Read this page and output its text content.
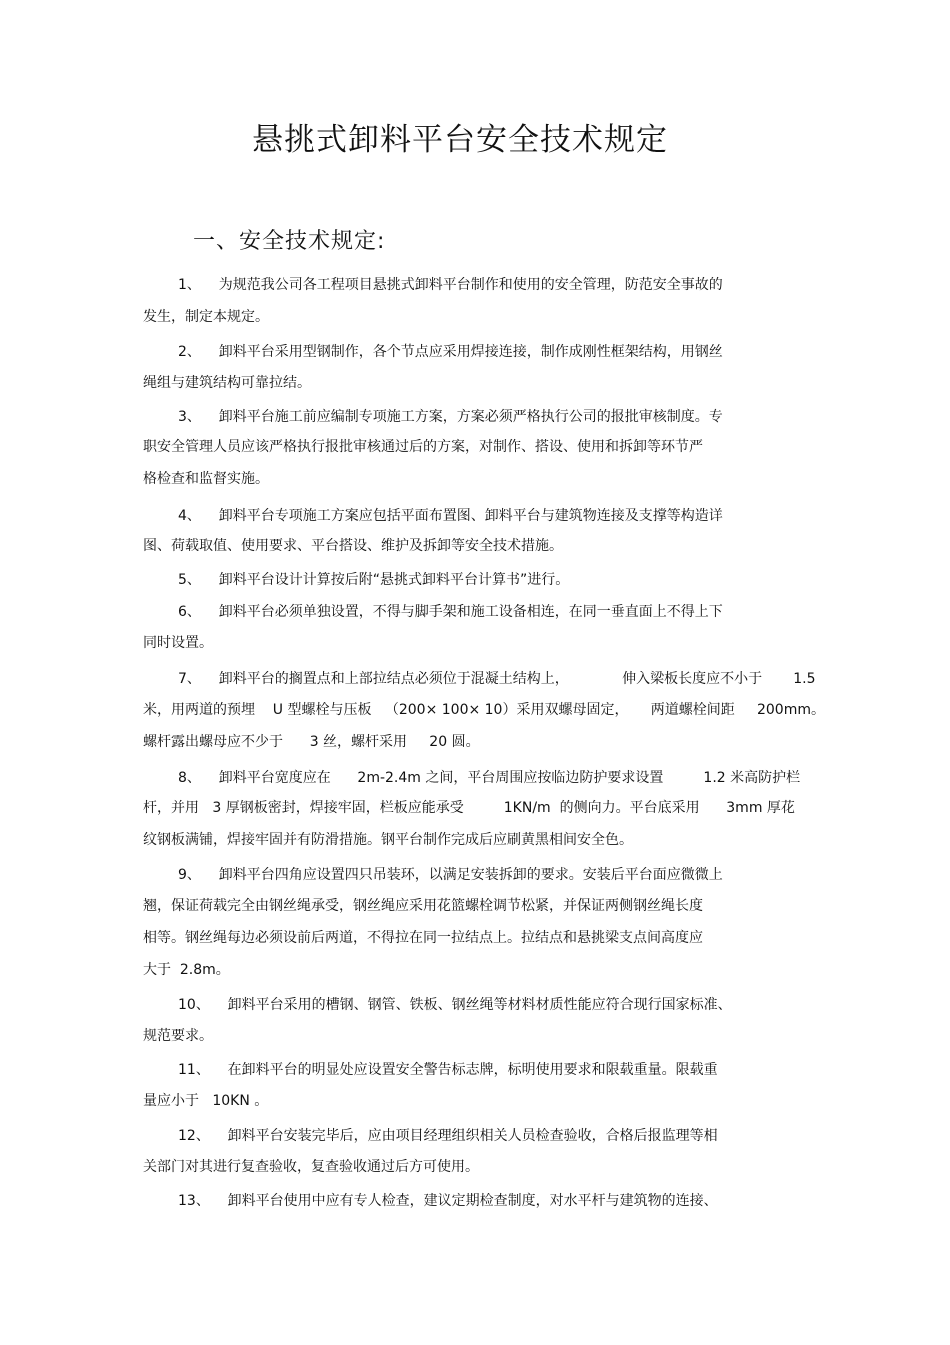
悬挑式卸料平台安全技术规定
一、安全技术规定:
1、    为规范我公司各工程项目悬挑式卸料平台制作和使用的安全管理，防范安全事故的
发生，制定本规定。
2、    卸料平台采用型钢制作，各个节点应采用焊接连接，制作成刚性框架结构，用钢丝
绳组与建筑结构可靠拉结。
3、    卸料平台施工前应编制专项施工方案，方案必须严格执行公司的报批审核制度。专
职安全管理人员应该严格执行报批审核通过后的方案，对制作、搭设、使用和拆卸等环节严
格检查和监督实施。
4、    卸料平台专项施工方案应包括平面布置图、卸料平台与建筑物连接及支撑等构造详
图、荷载取值、使用要求、平台搭设、维护及拆卸等安全技术措施。
5、    卸料平台设计计算按后附“悬挑式卸料平台计算书”进行。
6、    卸料平台必须单独设置，不得与脚手架和施工设备相连，在同一垂直面上不得上下
同时设置。
7、    卸料平台的搁置点和上部拉结点必须位于混凝土结构上，            伸入梁板长度应不小于       1.5
米，用两道的预埋    U 型螺栓与压板   （200× 100× 10）采用双螺母固定，     两道螺栓间距     200mm。
螺杆露出螺母应不少于      3 丝，螺杆采用     20 圆。
8、    卸料平台宽度应在      2m-2.4m 之间，平台周围应按临边防护要求设置         1.2 米高防护栏
杆，并用   3 厚钢板密封，焊接牢固，栏板应能承受         1KN/m  的侧向力。平台底采用      3mm 厚花
纹钢板满铺，焊接牢固并有防滑措施。钢平台制作完成后应刷黄黑相间安全色。
9、    卸料平台四角应设置四只吊装环，以满足安装拆卸的要求。安装后平台面应微微上
翘，保证荷载完全由钢丝绳承受，钢丝绳应采用花篮螺栓调节松紧，并保证两侧钢丝绳长度
相等。钢丝绳每边必须设前后两道，不得拉在同一拉结点上。拉结点和悬挑梁支点间高度应
大于  2.8m。
10、    卸料平台采用的槽钢、钢管、铁板、钢丝绳等材料材质性能应符合现行国家标准、
规范要求。
11、    在卸料平台的明显处应设置安全警告标志牌，标明使用要求和限载重量。限载重
量应小于   10KN 。
12、    卸料平台安装完毕后，应由项目经理组织相关人员检查验收，合格后报监理等相
关部门对其进行复查验收，复查验收通过后方可使用。
13、    卸料平台使用中应有专人检查，建议定期检查制度，对水平杆与建筑物的连接、
